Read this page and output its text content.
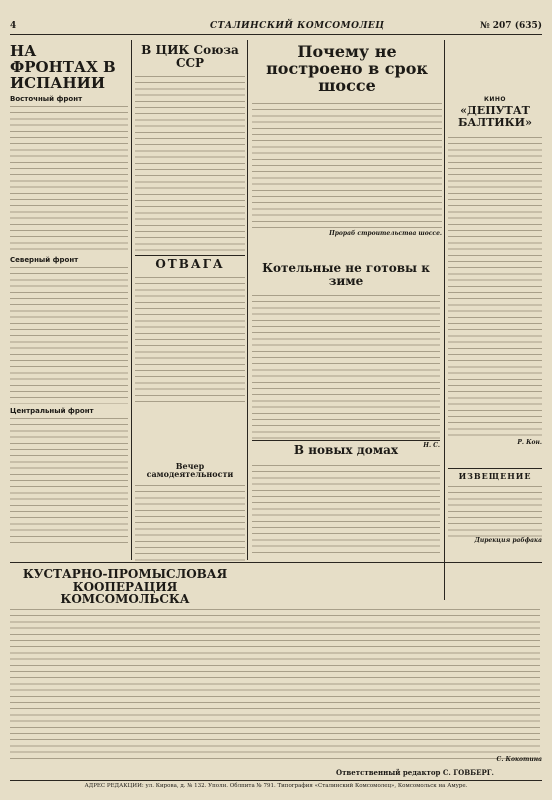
4	СТАЛИНСКИЙ КОМСОМОЛЕЦ	№ 207 (635)
НА ФРОНТАХ В ИСПАНИИ
Восточный фронт
Северный фронт
Центральный фронт
В ЦИК Союза ССР
Почему не построено в срок шоссе
Прораб строительства шоссе.
КИНО
«ДЕПУТАТ БАЛТИКИ»
Р. Кон.
ОТВАГА
Вечер самодеятельности
Котельные не готовы к зиме
Н. С.
В новых домах
ИЗВЕЩЕНИЕ
Дирекция рабфака
КУСТАРНО-ПРОМЫСЛОВАЯ КООПЕРАЦИЯ КОМСОМОЛЬСКА
С. Кокотина
Ответственный редактор С. ГОВБЕРГ.
АДРЕС РЕДАКЦИИ: ул. Кирова, д. № 132. Уполн. Облпита № 791. Типография «Сталинский Комсомолец», Комсомольск на Амуре.
